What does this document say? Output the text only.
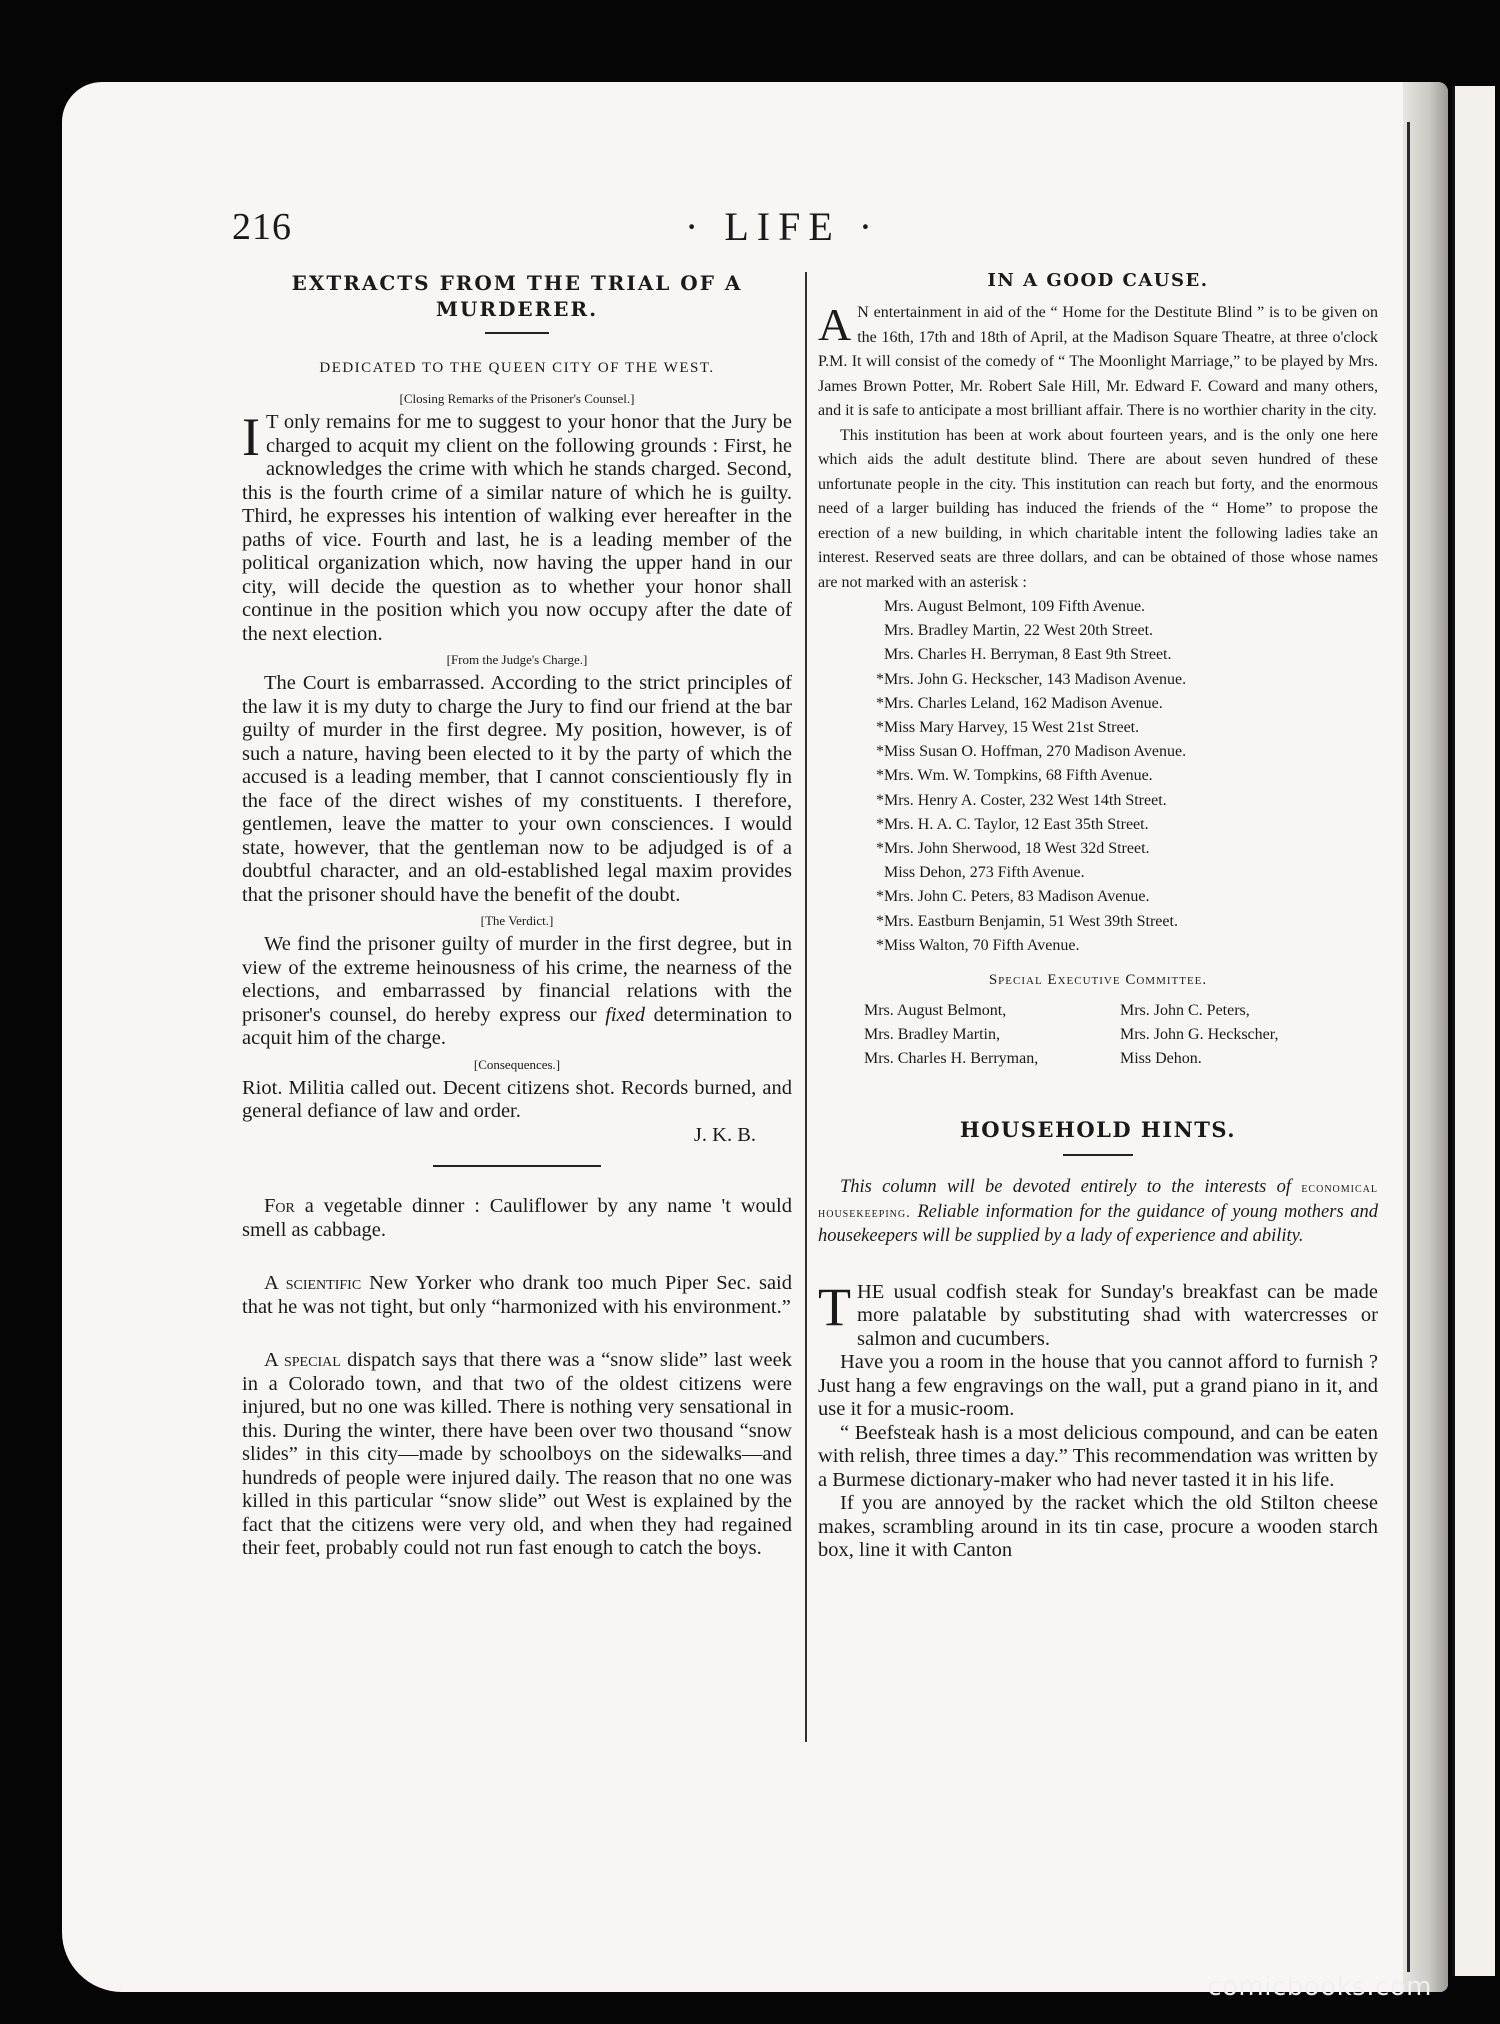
216	· LIFE ·

EXTRACTS FROM THE TRIAL OF A

MURDERER.

DEDICATED TO THE QUEEN CITY OF THE WEST.

[Closing Remarks of the Prisoner's Counsel.]

I T only remains for me to suggest to your honor that the Jury be charged to acquit my client on the following grounds : First, he acknowledges the crime with which he stands charged. Second, this is the fourth crime of a similar nature of which he is guilty. Third, he expresses his intention of walking ever hereafter in the paths of vice. Fourth and last, he is a leading member of the political organization which, now having the upper hand in our city, will decide the question as to whether your honor shall continue in the position which you now occupy after the date of the next election.

[From the Judge's Charge.]

The Court is embarrassed. According to the strict principles of the law it is my duty to charge the Jury to find our friend at the bar guilty of murder in the first degree. My position, however, is of such a nature, having been elected to it by the party of which the accused is a leading member, that I cannot conscientiously fly in the face of the direct wishes of my constituents. I therefore, gentlemen, leave the matter to your own consciences. I would state, however, that the gentleman now to be adjudged is of a doubtful character, and an old-established legal maxim provides that the prisoner should have the benefit of the doubt.

[The Verdict.]

We find the prisoner guilty of murder in the first degree, but in view of the extreme heinousness of his crime, the nearness of the elections, and embarrassed by financial relations with the prisoner's counsel, do hereby express our fixed determination to acquit him of the charge.

[Consequences.]

Riot. Militia called out. Decent citizens shot. Records burned, and general defiance of law and order.

J. K. B.

For a vegetable dinner : Cauliflower by any name 't would smell as cabbage.

A scientific New Yorker who drank too much Piper Sec. said that he was not tight, but only “harmonized with his environment.”

A special dispatch says that there was a “snow slide” last week in a Colorado town, and that two of the oldest citizens were injured, but no one was killed. There is nothing very sensational in this. During the winter, there have been over two thousand “snow slides” in this city—made by schoolboys on the sidewalks—and hundreds of people were injured daily. The reason that no one was killed in this particular “snow slide” out West is explained by the fact that the citizens were very old, and when they had regained their feet, probably could not run fast enough to catch the boys.

IN A GOOD CAUSE.

A N entertainment in aid of the “ Home for the Destitute Blind ” is to be given on the 16th, 17th and 18th of April, at the Madison Square Theatre, at three o'clock P.M. It will consist of the comedy of “ The Moonlight Marriage,” to be played by Mrs. James Brown Potter, Mr. Robert Sale Hill, Mr. Edward F. Coward and many others, and it is safe to anticipate a most brilliant affair. There is no worthier charity in the city.

This institution has been at work about fourteen years, and is the only one here which aids the adult destitute blind. There are about seven hundred of these unfortunate people in the city. This institution can reach but forty, and the enormous need of a larger building has induced the friends of the “ Home” to propose the erection of a new building, in which charitable intent the following ladies take an interest. Reserved seats are three dollars, and can be obtained of those whose names are not marked with an asterisk :

Mrs. August Belmont, 109 Fifth Avenue.
Mrs. Bradley Martin, 22 West 20th Street.
Mrs. Charles H. Berryman, 8 East 9th Street.
*Mrs. John G. Heckscher, 143 Madison Avenue.
*Mrs. Charles Leland, 162 Madison Avenue.
*Miss Mary Harvey, 15 West 21st Street.
*Miss Susan O. Hoffman, 270 Madison Avenue.
*Mrs. Wm. W. Tompkins, 68 Fifth Avenue.
*Mrs. Henry A. Coster, 232 West 14th Street.
*Mrs. H. A. C. Taylor, 12 East 35th Street.
*Mrs. John Sherwood, 18 West 32d Street.
Miss Dehon, 273 Fifth Avenue.
*Mrs. John C. Peters, 83 Madison Avenue.
*Mrs. Eastburn Benjamin, 51 West 39th Street.
*Miss Walton, 70 Fifth Avenue.

Special Executive Committee.

Mrs. August Belmont,	Mrs. John C. Peters,
Mrs. Bradley Martin,	Mrs. John G. Heckscher,
Mrs. Charles H. Berryman,	Miss Dehon.

HOUSEHOLD HINTS.

This column will be devoted entirely to the interests of economical housekeeping. Reliable information for the guidance of young mothers and housekeepers will be supplied by a lady of experience and ability.

THE usual codfish steak for Sunday's breakfast can be made more palatable by substituting shad with watercresses or salmon and cucumbers.

Have you a room in the house that you cannot afford to furnish ? Just hang a few engravings on the wall, put a grand piano in it, and use it for a music-room.

“ Beefsteak hash is a most delicious compound, and can be eaten with relish, three times a day.” This recommendation was written by a Burmese dictionary-maker who had never tasted it in his life.

If you are annoyed by the racket which the old Stilton cheese makes, scrambling around in its tin case, procure a wooden starch box, line it with Canton

comicbooks.com
